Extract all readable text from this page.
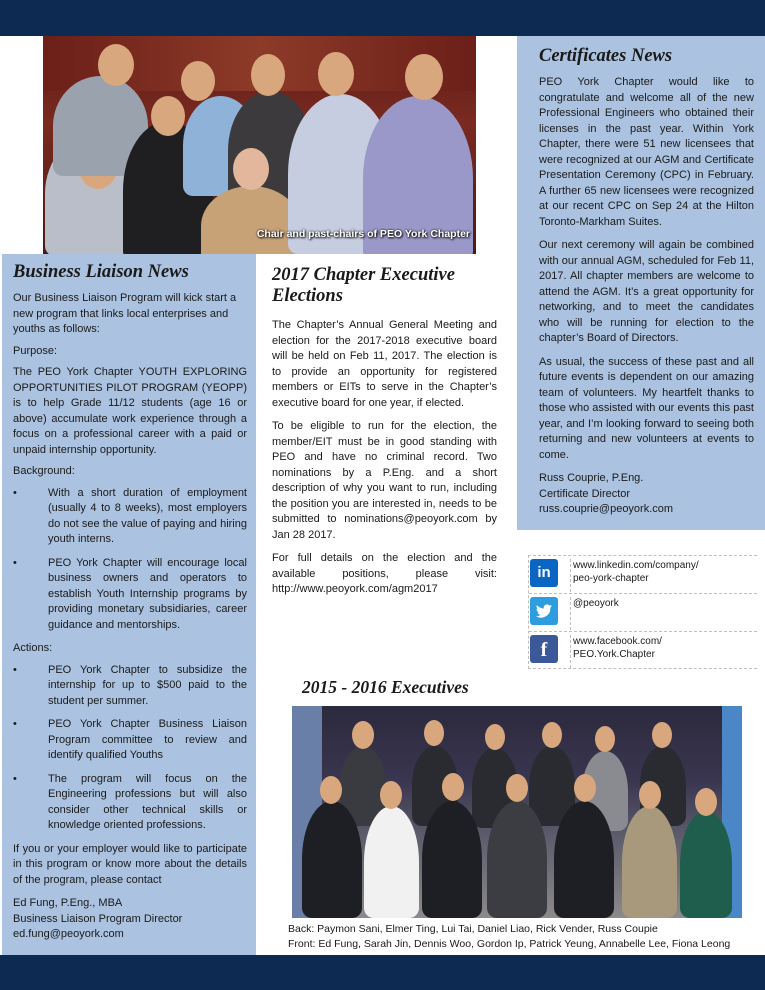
Chair and past-chairs of PEO York Chapter
Business Liaison News

Our Business Liaison Program will kick start a new program that links local enterprises and youths as follows:

Purpose:

The PEO York Chapter YOUTH EXPLORING OPPORTUNITIES PILOT PROGRAM (YEOPP) is to help Grade 11/12 students (age 16 or above) accumulate work experience through a focus on a professional career with a paid or unpaid internship opportunity.

Background:

• With a short duration of employment (usually 4 to 8 weeks), most employers do not see the value of paying and hiring youth interns.
• PEO York Chapter will encourage local business owners and operators to establish Youth Internship programs by providing monetary subsidiaries, career guidance and mentorships.

Actions:

• PEO York Chapter to subsidize the internship for up to $500 paid to the student per summer.
• PEO York Chapter Business Liaison Program committee to review and identify qualified Youths
• The program will focus on the Engineering professions but will also consider other technical skills or knowledge oriented professions.

If you or your employer would like to participate in this program or know more about the details of the program, please contact

Ed Fung, P.Eng., MBA

Business Liaison Program Director

ed.fung@peoyork.com

2017 Chapter Executive Elections

The Chapter’s Annual General Meeting and election for the 2017-2018 executive board will be held on Feb 11, 2017. The election is to provide an opportunity for registered members or EITs to serve in the Chapter’s executive board for one year, if elected.

To be eligible to run for the election, the member/EIT must be in good standing with PEO and have no criminal record. Two nominations by a P.Eng. and a short description of why you want to run, including the position you are interested in, needs to be submitted to nominations@peoyork.com by Jan 28 2017.

For full details on the election and the available positions, please visit: http://www.peoyork.com/agm2017

Certificates News

PEO York Chapter would like to congratulate and welcome all of the new Professional Engineers who obtained their licenses in the past year. Within York Chapter, there were 51 new licensees that were recognized at our AGM and Certificate Presentation Ceremony (CPC) in February. A further 65 new licensees were recognized at our recent CPC on Sep 24 at the Hilton Toronto-Markham Suites.

Our next ceremony will again be combined with our annual AGM, scheduled for Feb 11, 2017. All chapter members are welcome to attend the AGM. It’s a great opportunity for networking, and to meet the candidates who will be running for election to the chapter’s Board of Directors.

As usual, the success of these past and all future events is dependent on our amazing team of volunteers. My heartfelt thanks to those who assisted with our events this past year, and I’m looking forward to seeing both returning and new volunteers at events to come.

Russ Couprie, P.Eng.

Certificate Director

russ.couprie@peoyork.com

in	www.linkedin.com/company/
peo-york-chapter
@peoyork
f	www.facebook.com/
PEO.York.Chapter
2015 - 2016 Executives
Back: Paymon Sani, Elmer Ting, Lui Tai, Daniel Liao, Rick Vender, Russ Coupie
Front: Ed Fung, Sarah Jin, Dennis Woo, Gordon Ip, Patrick Yeung, Annabelle Lee, Fiona Leong
